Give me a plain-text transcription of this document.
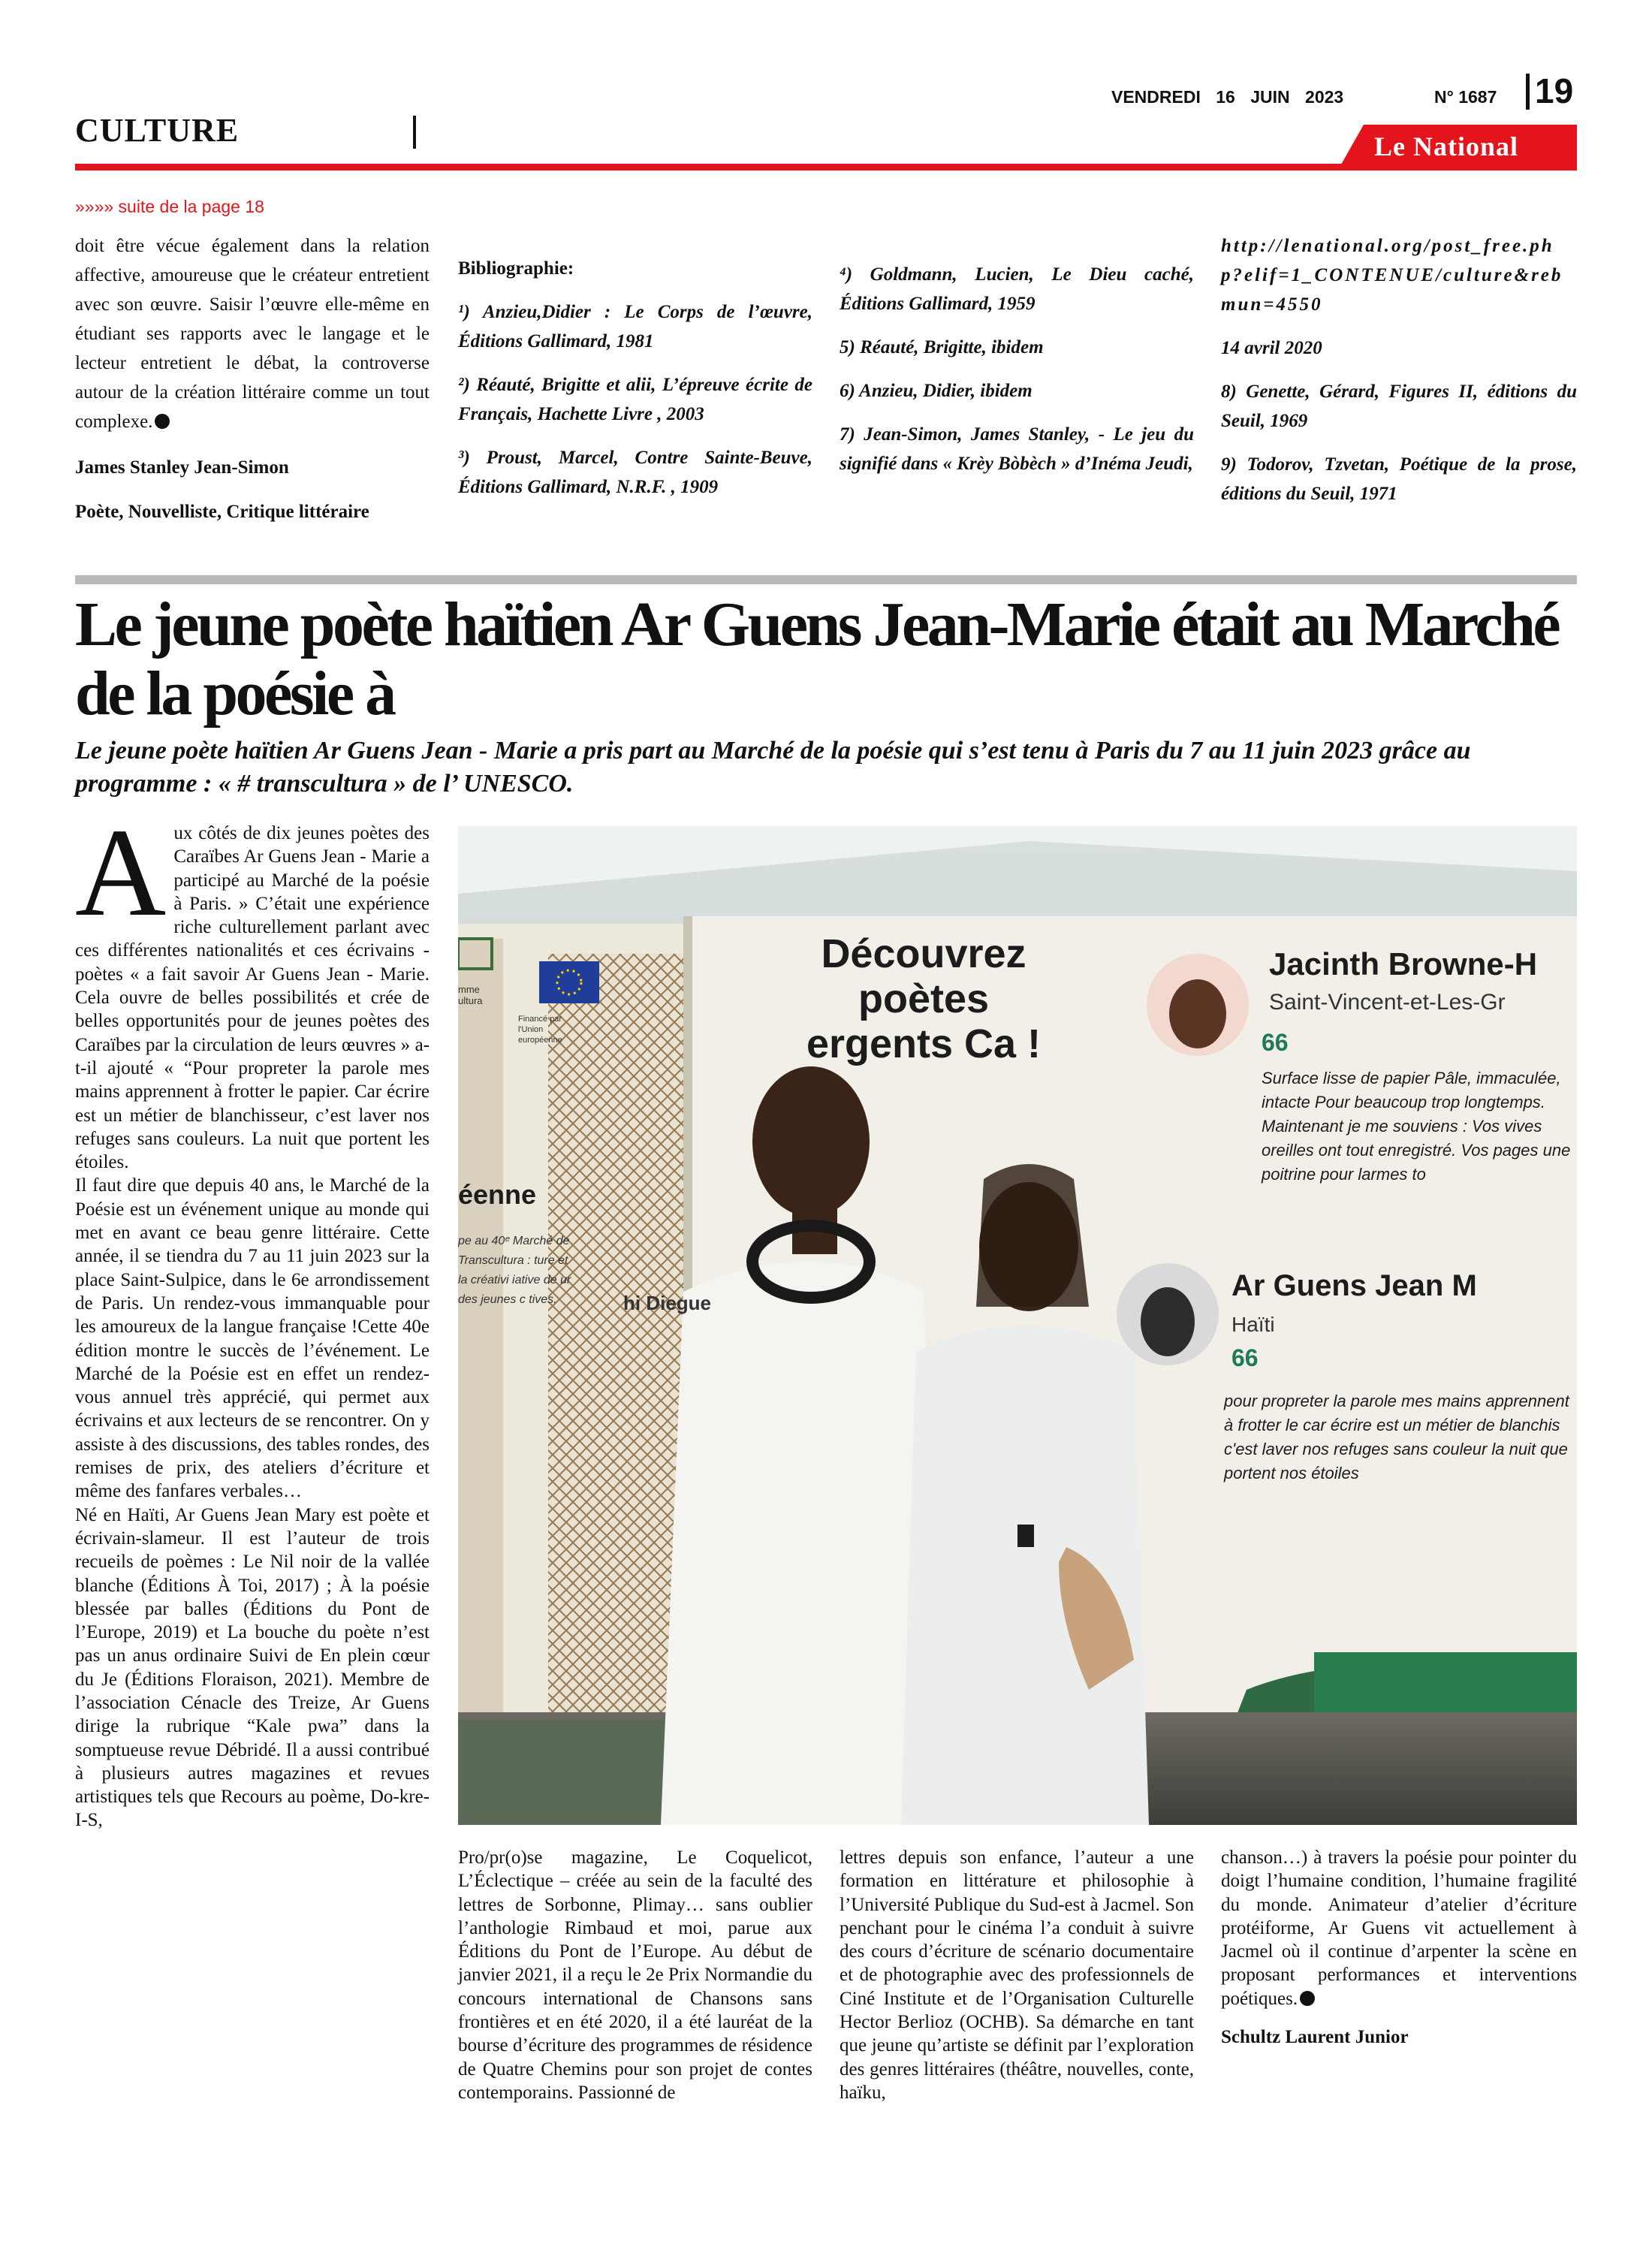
CULTURE
VENDREDI 16 JUIN 2023	N° 1687 19
Le National
»»»» suite de la page 18
doit être vécue également dans la relation affective, amoureuse que le créateur entretient avec son œuvre. Saisir l’œuvre elle-même en étudiant ses rapports avec le langage et le lecteur entretient le débat, la controverse autour de la création littéraire comme un tout complexe.
James Stanley Jean-Simon
Poète, Nouvelliste, Critique littéraire
Bibliographie:
¹) Anzieu,Didier : Le Corps de l’œuvre, Éditions Gallimard, 1981
²) Réauté, Brigitte et alii, L’épreuve écrite de Français, Hachette Livre , 2003
³) Proust, Marcel, Contre Sainte-Beuve, Éditions Gallimard, N.R.F. , 1909
⁴) Goldmann, Lucien, Le Dieu caché, Éditions Gallimard, 1959
5) Réauté, Brigitte, ibidem
6) Anzieu, Didier, ibidem
7) Jean-Simon, James Stanley, - Le jeu du signifié dans « Krèy Bòbèch » d’Inéma Jeudi,
http://lenational.org/post_free.php?elif=1_CONTENUE/culture&rebmun=4550
14 avril 2020
8) Genette, Gérard, Figures II, éditions du Seuil, 1969
9) Todorov, Tzvetan, Poétique de la prose, éditions du Seuil, 1971
Le jeune poète haïtien Ar Guens Jean-Marie était au Marché de la poésie à
Le jeune poète haïtien Ar Guens Jean - Marie a pris part au Marché de la poésie qui s’est tenu à Paris du 7 au 11 juin 2023 grâce au programme : « # transcultura » de l’ UNESCO.
Aux côtés de dix jeunes poètes des Caraïbes Ar Guens Jean - Marie a participé au Marché de la poésie à Paris. » C’était une expérience riche culturellement parlant avec ces différentes nationalités et ces écrivains - poètes « a fait savoir Ar Guens Jean - Marie. Cela ouvre de belles possibilités et crée de belles opportunités pour de jeunes poètes des Caraïbes par la circulation de leurs œuvres » a-t-il ajouté « “Pour propreter la parole mes mains apprennent à frotter le papier. Car écrire est un métier de blanchisseur, c’est laver nos refuges sans couleurs. La nuit que portent les étoiles.
Il faut dire que depuis 40 ans, le Marché de la Poésie est un événement unique au monde qui met en avant ce beau genre littéraire. Cette année, il se tiendra du 7 au 11 juin 2023 sur la place Saint-Sulpice, dans le 6e arrondissement de Paris. Un rendez-vous immanquable pour les amoureux de la langue française !Cette 40e édition montre le succès de l’événement. Le Marché de la Poésie est en effet un rendez-vous annuel très apprécié, qui permet aux écrivains et aux lecteurs de se rencontrer. On y assiste à des discussions, des tables rondes, des remises de prix, des ateliers d’écriture et même des fanfares verbales…
Né en Haïti, Ar Guens Jean Mary est poète et écrivain-slameur. Il est l’auteur de trois recueils de poèmes : Le Nil noir de la vallée blanche (Éditions À Toi, 2017) ; À la poésie blessée par balles (Éditions du Pont de l’Europe, 2019) et La bouche du poète n’est pas un anus ordinaire Suivi de En plein cœur du Je (Éditions Floraison, 2021). Membre de l’association Cénacle des Treize, Ar Guens dirige la rubrique “Kale pwa” dans la somptueuse revue Débridé. Il a aussi contribué à plusieurs autres magazines et revues artistiques tels que Recours au poème, Do-kre-I-S,
Pro/pr(o)se magazine, Le Coquelicot, L’Éclectique – créée au sein de la faculté des lettres de Sorbonne, Plimay… sans oublier l’anthologie Rimbaud et moi, parue aux Éditions du Pont de l’Europe. Au début de janvier 2021, il a reçu le 2e Prix Normandie du concours international de Chansons sans frontières et en été 2020, il a été lauréat de la bourse d’écriture des programmes de résidence de Quatre Chemins pour son projet de contes contemporains. Passionné de
lettres depuis son enfance, l’auteur a une formation en littérature et philosophie à l’Université Publique du Sud-est à Jacmel. Son penchant pour le cinéma l’a conduit à suivre des cours d’écriture de scénario documentaire et de photographie avec des professionnels de Ciné Institute et de l’Organisation Culturelle Hector Berlioz (OCHB). Sa démarche en tant que jeune qu’artiste se définit par l’exploration des genres littéraires (théâtre, nouvelles, conte, haïku,
chanson…) à travers la poésie pour pointer du doigt l’humaine condition, l’humaine fragilité du monde. Animateur d’atelier d’écriture protéiforme, Ar Guens vit actuellement à Jacmel où il continue d’arpenter la scène en proposant performances et interventions poétiques.
Schultz Laurent Junior
Découvrez poètes ergents Ca !
éenne
pe au 40ᵉ Marché de Transcultura : ture et la créativi iative de ur des jeunes c tives.	hi Diegue
Financé par l'Union européenne
mme ultura
Jacinth Browne-H
Saint-Vincent-et-Les-Gr
66
Surface lisse de papier Pâle, immaculée, intacte Pour beaucoup trop longtemps. Maintenant je me souviens : Vos vives oreilles ont tout enregistré. Vos pages une poitrine pour larmes to
Ar Guens Jean M
Haïti
66
pour propreter la parole mes mains apprennent à frotter le car écrire est un métier de blanchis c'est laver nos refuges sans couleur la nuit que portent nos étoiles
